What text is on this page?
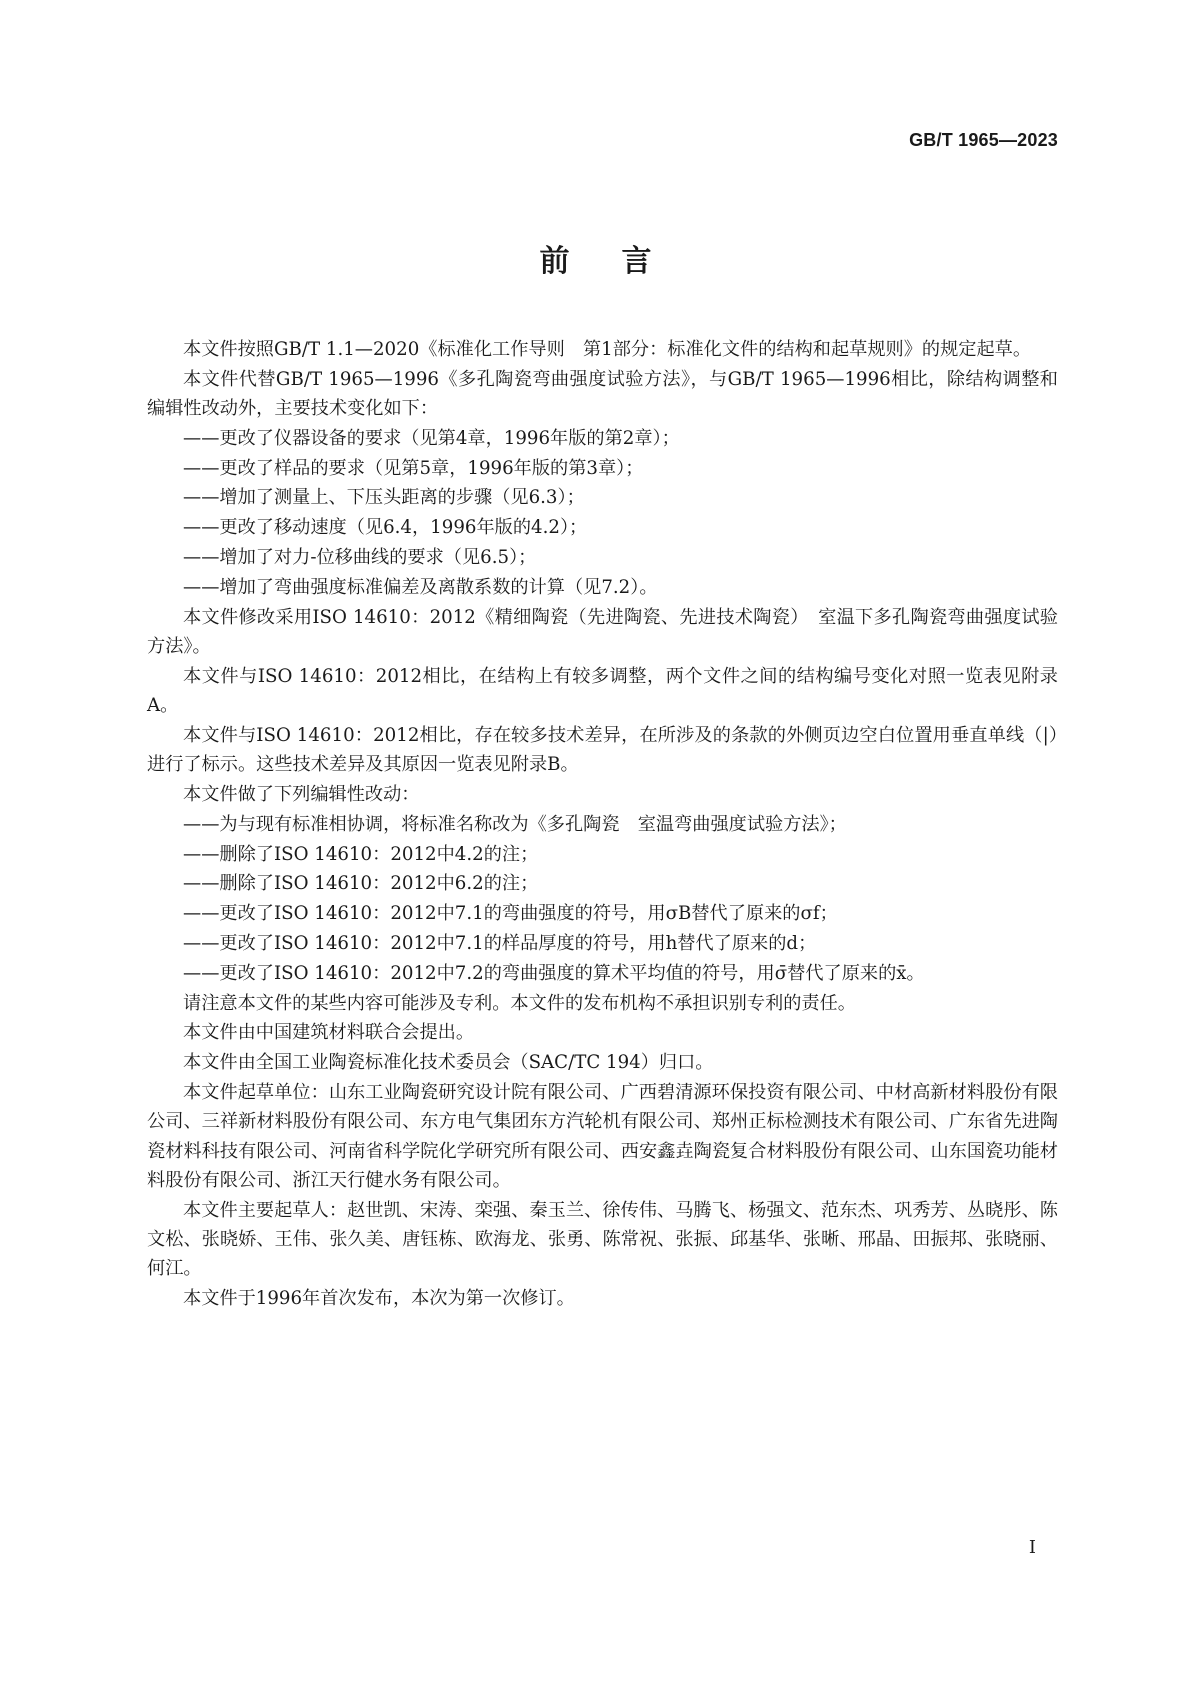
GB/T 1965—2023
前言

本文件按照GB/T 1.1—2020《标准化工作导则　第1部分：标准化文件的结构和起草规则》的规定起草。

本文件代替GB/T 1965—1996《多孔陶瓷弯曲强度试验方法》，与GB/T 1965—1996相比，除结构调整和编辑性改动外，主要技术变化如下：

——更改了仪器设备的要求（见第4章，1996年版的第2章）；

——更改了样品的要求（见第5章，1996年版的第3章）；

——增加了测量上、下压头距离的步骤（见6.3）；

——更改了移动速度（见6.4，1996年版的4.2）；

——增加了对力-位移曲线的要求（见6.5）；

——增加了弯曲强度标准偏差及离散系数的计算（见7.2）。

本文件修改采用ISO 14610：2012《精细陶瓷（先进陶瓷、先进技术陶瓷）　室温下多孔陶瓷弯曲强度试验方法》。

本文件与ISO 14610：2012相比，在结构上有较多调整，两个文件之间的结构编号变化对照一览表见附录A。

本文件与ISO 14610：2012相比，存在较多技术差异，在所涉及的条款的外侧页边空白位置用垂直单线（|）进行了标示。这些技术差异及其原因一览表见附录B。

本文件做了下列编辑性改动：

——为与现有标准相协调，将标准名称改为《多孔陶瓷　室温弯曲强度试验方法》；

——删除了ISO 14610：2012中4.2的注；

——删除了ISO 14610：2012中6.2的注；

——更改了ISO 14610：2012中7.1的弯曲强度的符号，用σB替代了原来的σf；

——更改了ISO 14610：2012中7.1的样品厚度的符号，用h替代了原来的d；

——更改了ISO 14610：2012中7.2的弯曲强度的算术平均值的符号，用σ̄替代了原来的x̄。

请注意本文件的某些内容可能涉及专利。本文件的发布机构不承担识别专利的责任。

本文件由中国建筑材料联合会提出。

本文件由全国工业陶瓷标准化技术委员会（SAC/TC 194）归口。

本文件起草单位：山东工业陶瓷研究设计院有限公司、广西碧清源环保投资有限公司、中材高新材料股份有限公司、三祥新材料股份有限公司、东方电气集团东方汽轮机有限公司、郑州正标检测技术有限公司、广东省先进陶瓷材料科技有限公司、河南省科学院化学研究所有限公司、西安鑫垚陶瓷复合材料股份有限公司、山东国瓷功能材料股份有限公司、浙江天行健水务有限公司。

本文件主要起草人：赵世凯、宋涛、栾强、秦玉兰、徐传伟、马腾飞、杨强文、范东杰、巩秀芳、丛晓彤、陈文松、张晓娇、王伟、张久美、唐钰栋、欧海龙、张勇、陈常祝、张振、邱基华、张晰、邢晶、田振邦、张晓丽、何江。

本文件于1996年首次发布，本次为第一次修订。

Ⅰ
